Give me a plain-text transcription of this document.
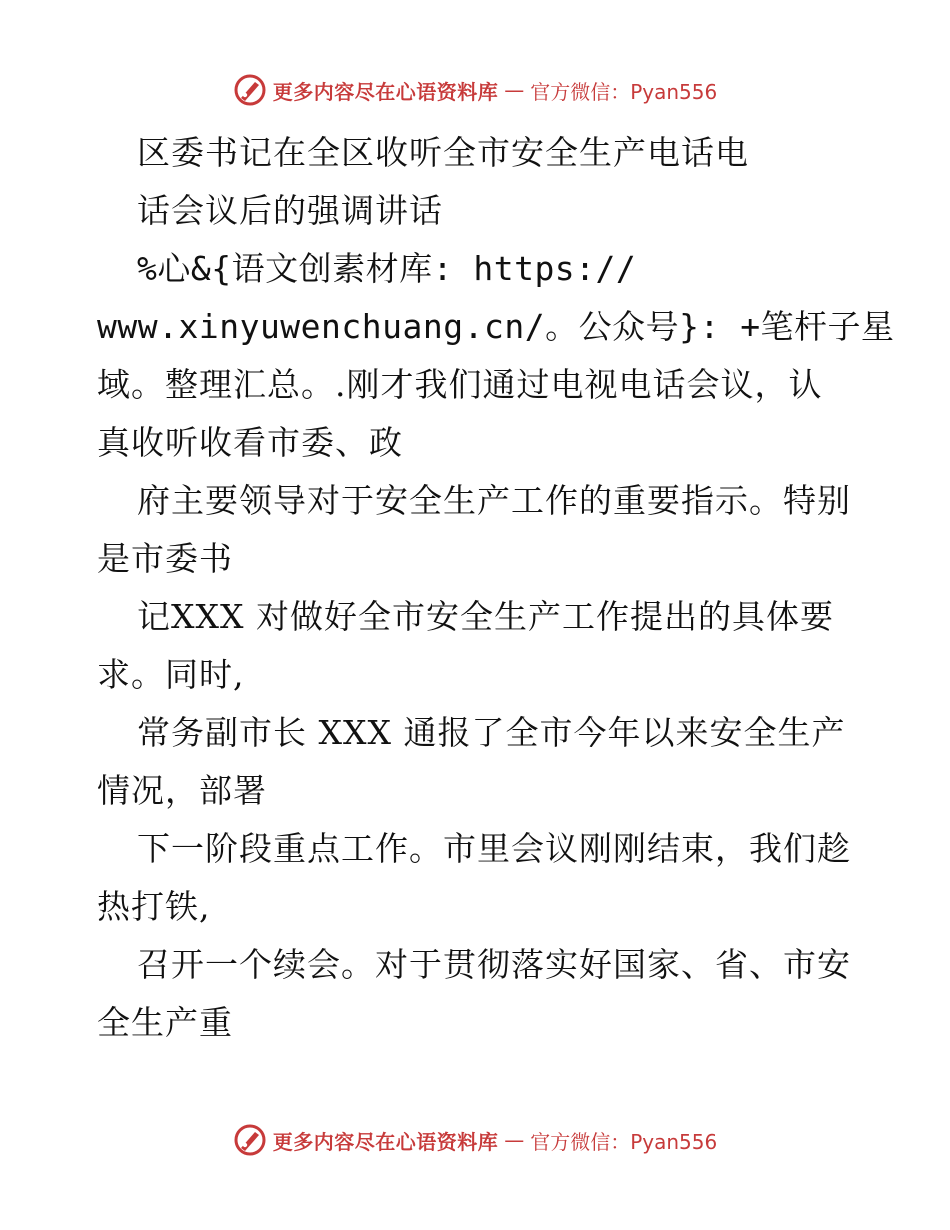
更多内容尽在心语资料库 — 官方微信：Pyan556
区委书记在全区收听全市安全生产电话电
话会议后的强调讲话
%心&{语文创素材库: https://
www.xinyuwenchuang.cn/。公众号}: +笔杆子星
域。整理汇总。.刚才我们通过电视电话会议，认
真收听收看市委、政
府主要领导对于安全生产工作的重要指示。特别
是市委书
记XXX 对做好全市安全生产工作提出的具体要
求。同时,
常务副市长 XXX 通报了全市今年以来安全生产
情况，部署
下一阶段重点工作。市里会议刚刚结束，我们趁
热打铁,
召开一个续会。对于贯彻落实好国家、省、市安
全生产重
更多内容尽在心语资料库 — 官方微信：Pyan556
